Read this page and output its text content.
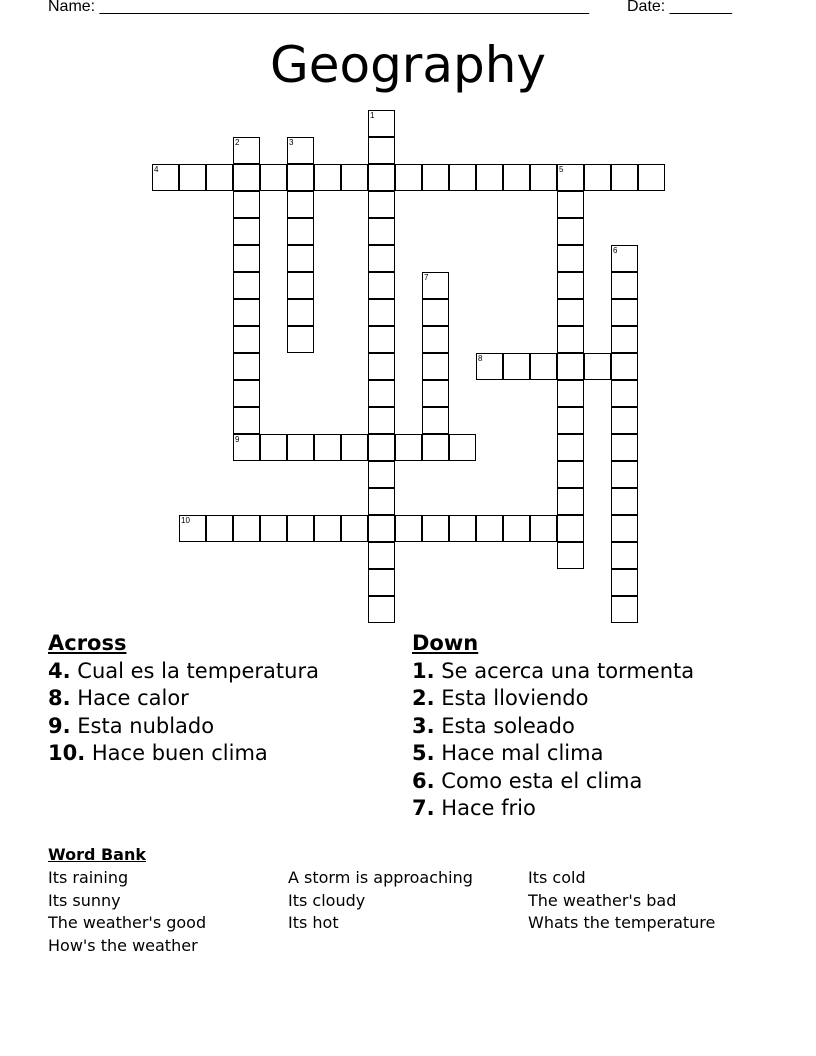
Name: _______________________________________________________ Date: _______
Geography
1
2	3
4	5
6
7
8
9
10
Across
4. Cual es la temperatura
8. Hace calor
9. Esta nublado
10. Hace buen clima
Down
1. Se acerca una tormenta
2. Esta lloviendo
3. Esta soleado
5. Hace mal clima
6. Como esta el clima
7. Hace frio
Word Bank
Its raining
Its sunny
The weather's good
How's the weather
A storm is approaching
Its cloudy
Its hot
Its cold
The weather's bad
Whats the temperature
